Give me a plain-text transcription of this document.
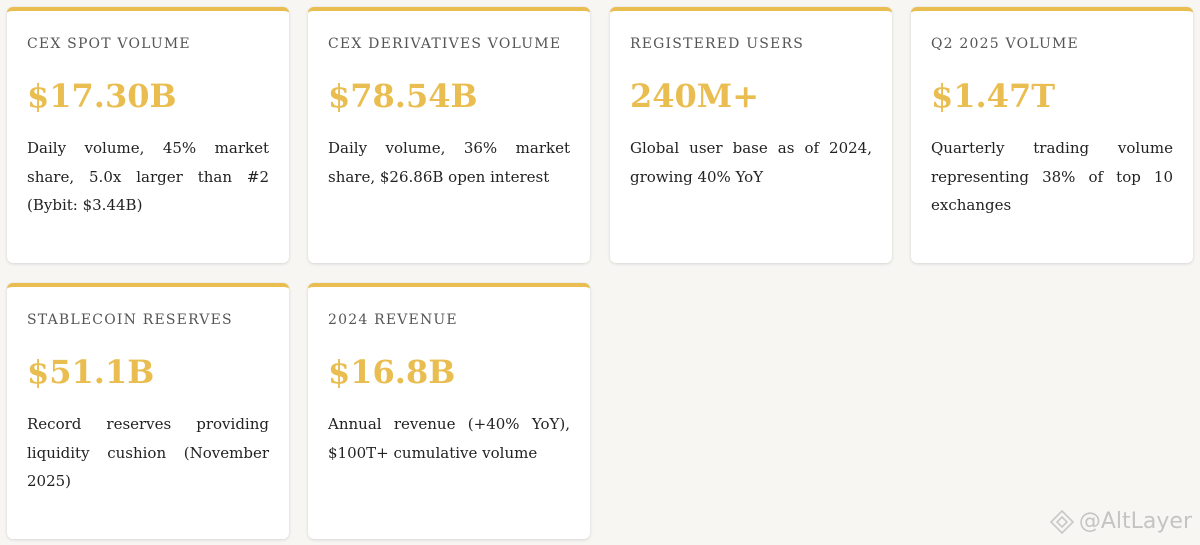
CEX SPOT VOLUME
$17.30B
Daily volume, 45% market share, 5.0x larger than #2 (Bybit: $3.44B)
CEX DERIVATIVES VOLUME
$78.54B
Daily volume, 36% market share, $26.86B open interest
REGISTERED USERS
240M+
Global user base as of 2024, growing 40% YoY
Q2 2025 VOLUME
$1.47T
Quarterly trading volume representing 38% of top 10 exchanges
STABLECOIN RESERVES
$51.1B
Record reserves providing liquidity cushion (November 2025)
2024 REVENUE
$16.8B
Annual revenue (+40% YoY), $100T+ cumulative volume
@AltLayer
